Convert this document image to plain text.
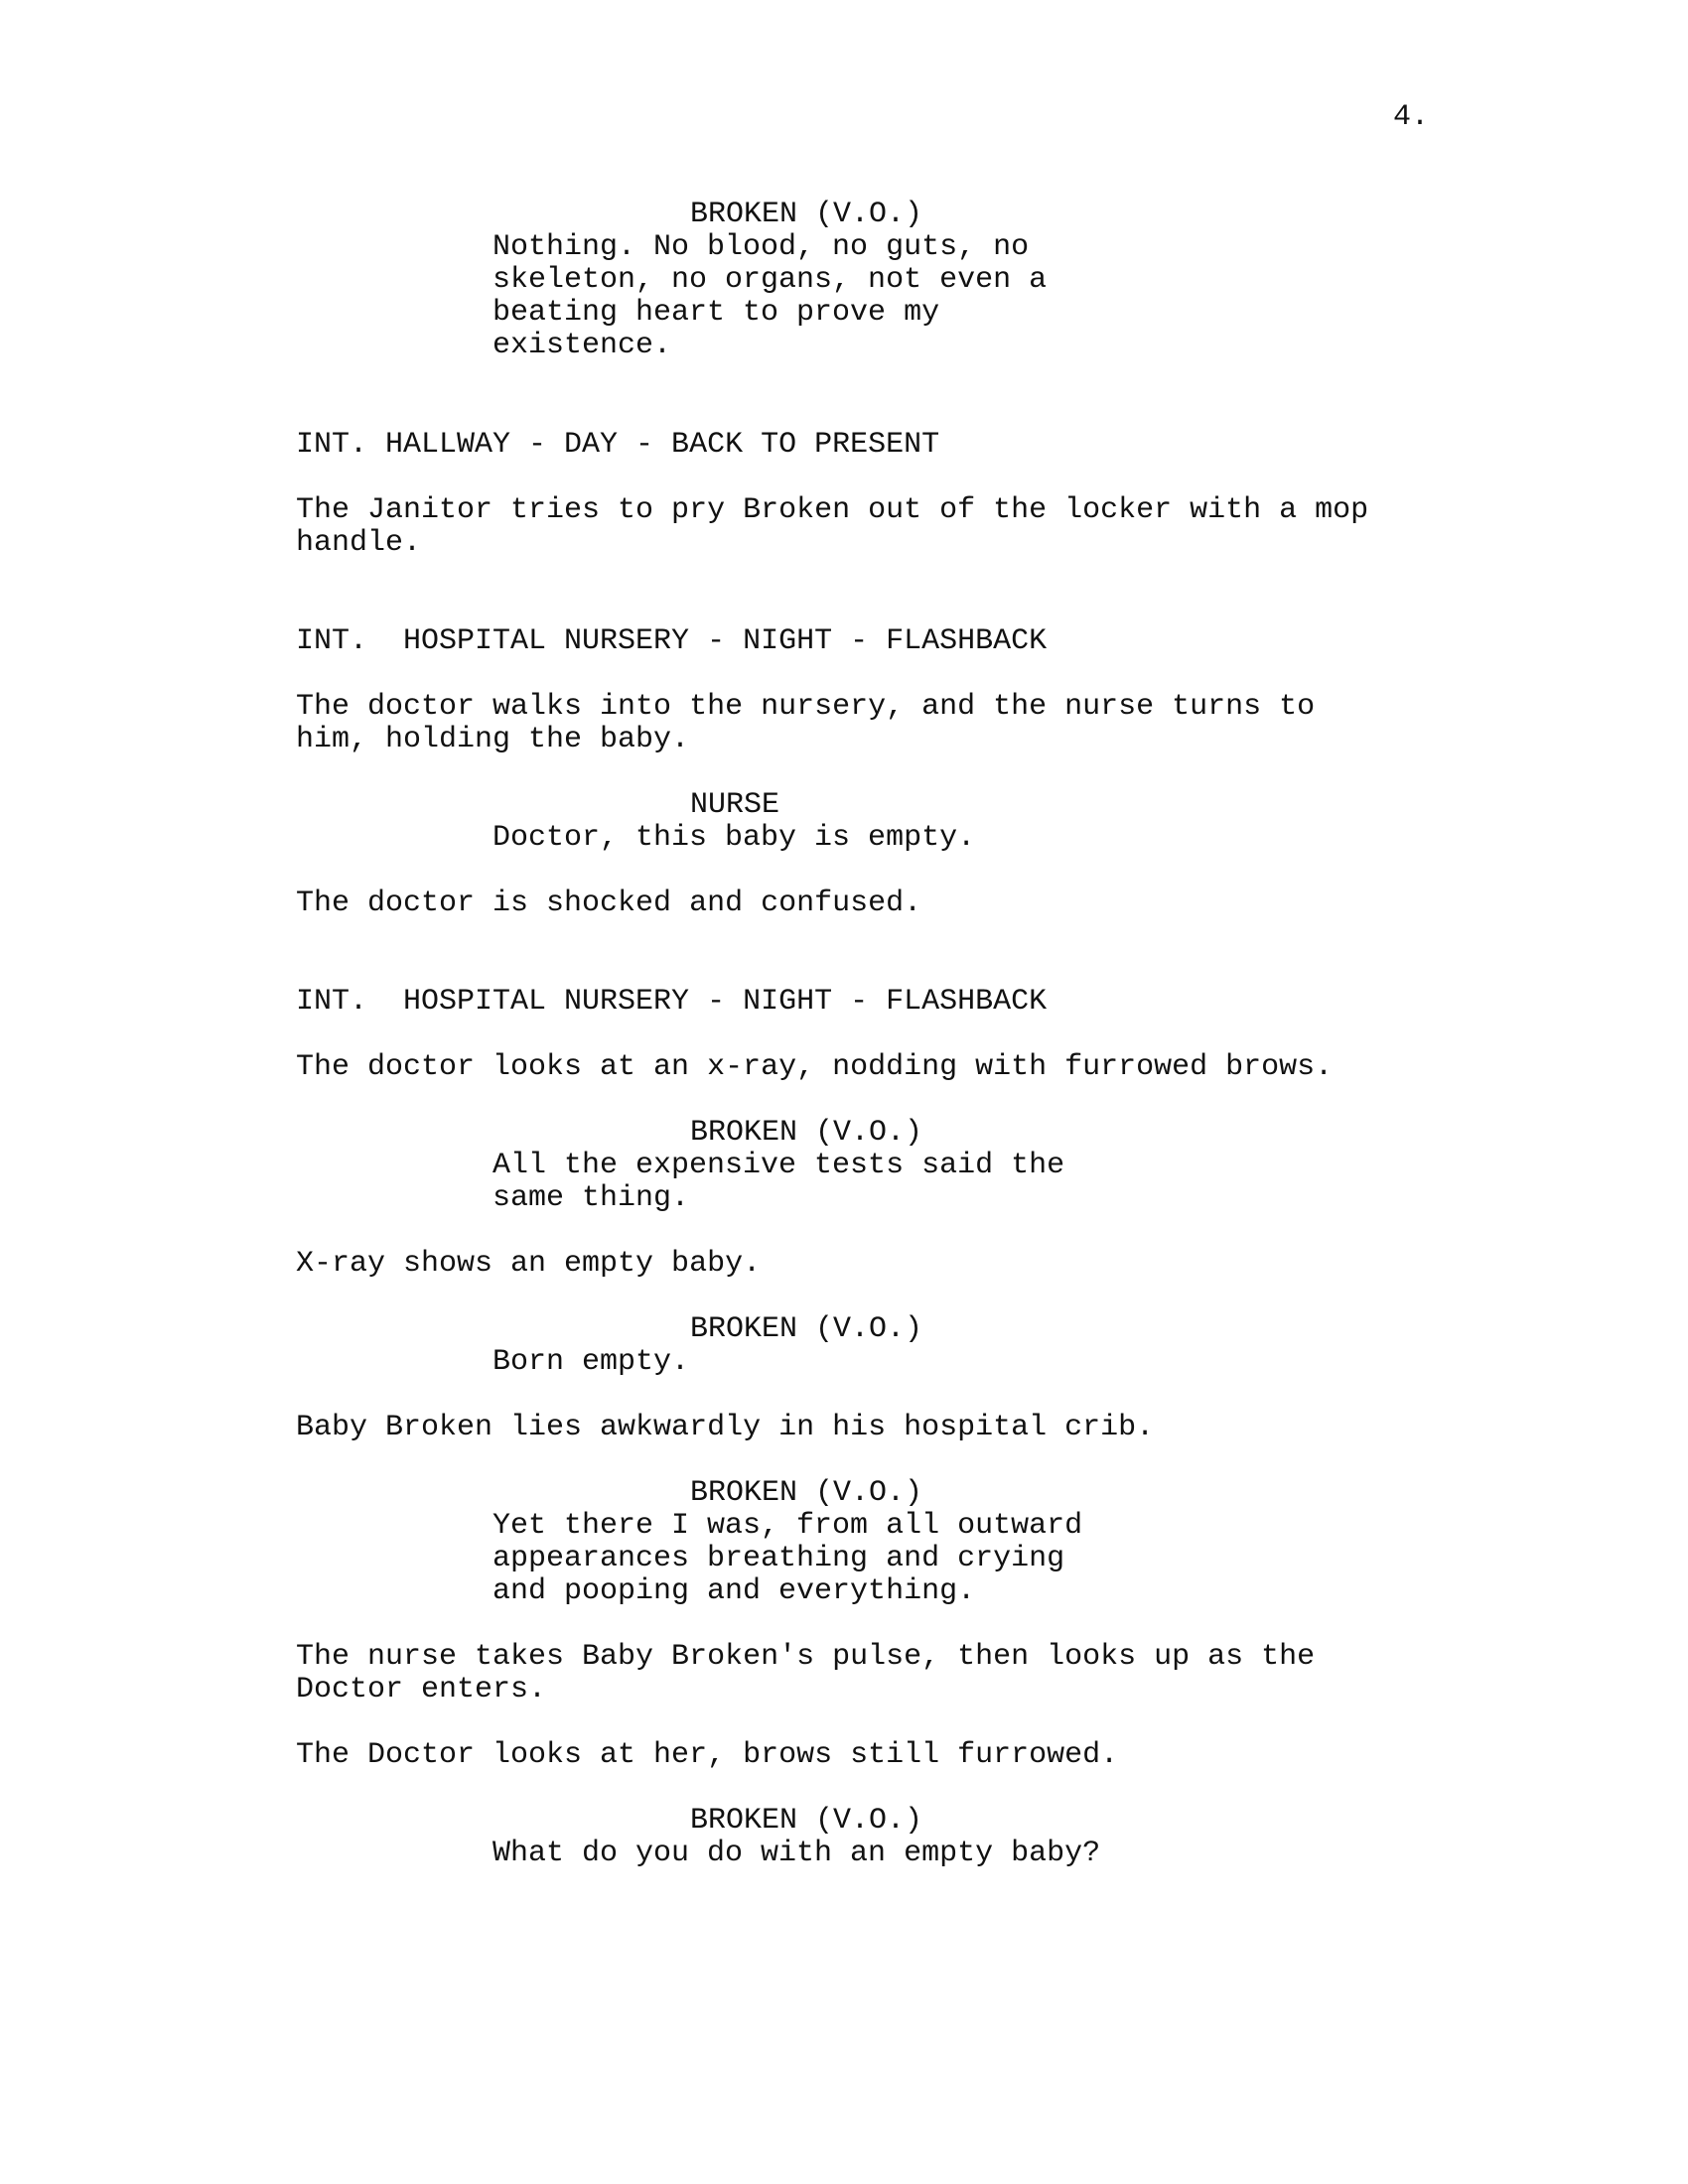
4.
BROKEN (V.O.)
Nothing. No blood, no guts, no
skeleton, no organs, not even a
beating heart to prove my
existence.
INT. HALLWAY - DAY - BACK TO PRESENT
The Janitor tries to pry Broken out of the locker with a mop
handle.
INT.  HOSPITAL NURSERY - NIGHT - FLASHBACK
The doctor walks into the nursery, and the nurse turns to
him, holding the baby.
NURSE
Doctor, this baby is empty.
The doctor is shocked and confused.
INT.  HOSPITAL NURSERY - NIGHT - FLASHBACK
The doctor looks at an x-ray, nodding with furrowed brows.
BROKEN (V.O.)
All the expensive tests said the
same thing.
X-ray shows an empty baby.
BROKEN (V.O.)
Born empty.
Baby Broken lies awkwardly in his hospital crib.
BROKEN (V.O.)
Yet there I was, from all outward
appearances breathing and crying
and pooping and everything.
The nurse takes Baby Broken's pulse, then looks up as the
Doctor enters.
The Doctor looks at her, brows still furrowed.
BROKEN (V.O.)
What do you do with an empty baby?
